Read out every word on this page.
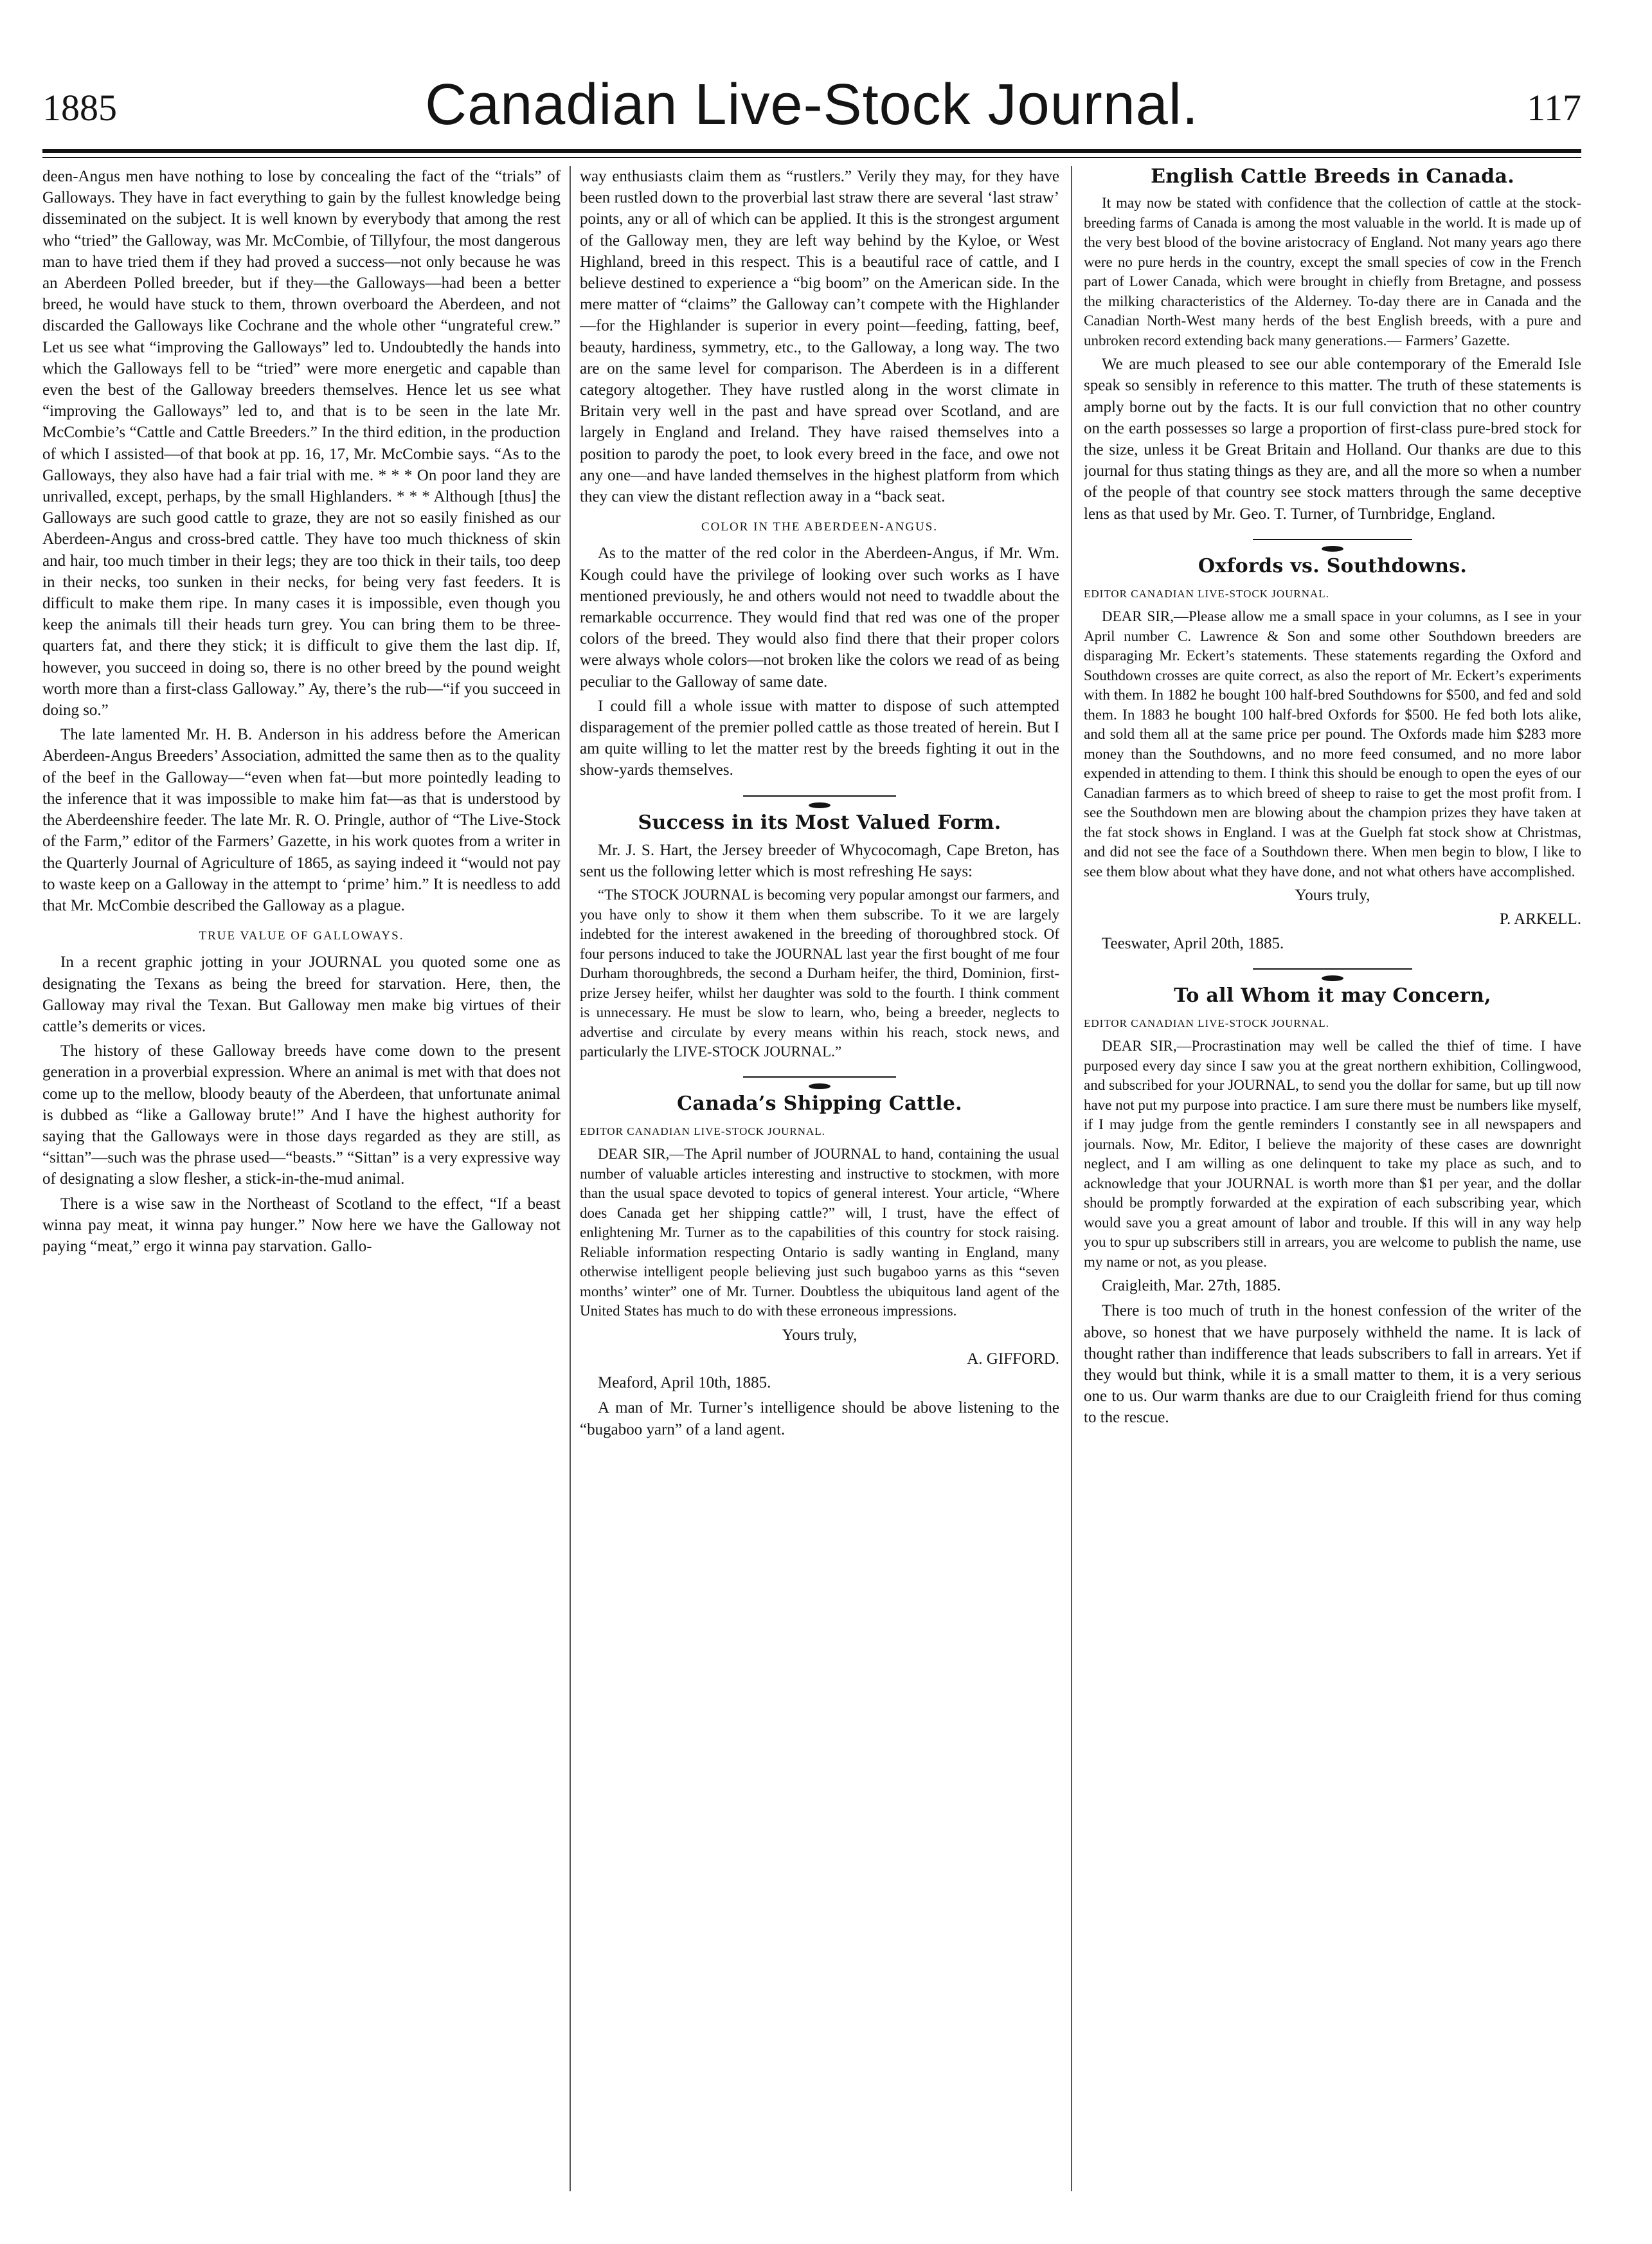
1885	Canadian Live-Stock Journal.	117

deen-Angus men have nothing to lose by concealing the fact of the “trials” of Galloways. They have in fact everything to gain by the fullest knowledge being disseminated on the subject. It is well known by everybody that among the rest who “tried” the Galloway, was Mr. McCombie, of Tillyfour, the most dangerous man to have tried them if they had proved a success—not only because he was an Aberdeen Polled breeder, but if they—the Galloways—had been a better breed, he would have stuck to them, thrown overboard the Aberdeen, and not discarded the Galloways like Cochrane and the whole other “ungrateful crew.” Let us see what “improving the Galloways” led to. Undoubtedly the hands into which the Galloways fell to be “tried” were more energetic and capable than even the best of the Galloway breeders themselves. Hence let us see what “improving the Galloways” led to, and that is to be seen in the late Mr. McCombie’s “Cattle and Cattle Breeders.” In the third edition, in the production of which I assisted—of that book at pp. 16, 17, Mr. McCombie says. “As to the Galloways, they also have had a fair trial with me. * * * On poor land they are unrivalled, except, perhaps, by the small Highlanders. * * * Although [thus] the Galloways are such good cattle to graze, they are not so easily finished as our Aberdeen-Angus and cross-bred cattle. They have too much thickness of skin and hair, too much timber in their legs; they are too thick in their tails, too deep in their necks, too sunken in their necks, for being very fast feeders. It is difficult to make them ripe. In many cases it is impossible, even though you keep the animals till their heads turn grey. You can bring them to be three-quarters fat, and there they stick; it is difficult to give them the last dip. If, however, you succeed in doing so, there is no other breed by the pound weight worth more than a first-class Galloway.” Ay, there’s the rub—“if you succeed in doing so.”

The late lamented Mr. H. B. Anderson in his address before the American Aberdeen-Angus Breeders’ Association, admitted the same then as to the quality of the beef in the Galloway—“even when fat—but more pointedly leading to the inference that it was impossible to make him fat—as that is understood by the Aberdeenshire feeder. The late Mr. R. O. Pringle, author of “The Live-Stock of the Farm,” editor of the Farmers’ Gazette, in his work quotes from a writer in the Quarterly Journal of Agriculture of 1865, as saying indeed it “would not pay to waste keep on a Galloway in the attempt to ‘prime’ him.” It is needless to add that Mr. McCombie described the Galloway as a plague.

TRUE VALUE OF GALLOWAYS.

In a recent graphic jotting in your JOURNAL you quoted some one as designating the Texans as being the breed for starvation. Here, then, the Galloway may rival the Texan. But Galloway men make big virtues of their cattle’s demerits or vices.

The history of these Galloway breeds have come down to the present generation in a proverbial expression. Where an animal is met with that does not come up to the mellow, bloody beauty of the Aberdeen, that unfortunate animal is dubbed as “like a Galloway brute!” And I have the highest authority for saying that the Galloways were in those days regarded as they are still, as “sittan”—such was the phrase used—“beasts.” “Sittan” is a very expressive way of designating a slow flesher, a stick-in-the-mud animal.

There is a wise saw in the Northeast of Scotland to the effect, “If a beast winna pay meat, it winna pay hunger.” Now here we have the Galloway not paying “meat,” ergo it winna pay starvation. Gallo-

way enthusiasts claim them as “rustlers.” Verily they may, for they have been rustled down to the proverbial last straw there are several ‘last straw’ points, any or all of which can be applied. It this is the strongest argument of the Galloway men, they are left way behind by the Kyloe, or West Highland, breed in this respect. This is a beautiful race of cattle, and I believe destined to experience a “big boom” on the American side. In the mere matter of “claims” the Galloway can’t compete with the Highlander—for the Highlander is superior in every point—feeding, fatting, beef, beauty, hardiness, symmetry, etc., to the Galloway, a long way. The two are on the same level for comparison. The Aberdeen is in a different category altogether. They have rustled along in the worst climate in Britain very well in the past and have spread over Scotland, and are largely in England and Ireland. They have raised themselves into a position to parody the poet, to look every breed in the face, and owe not any one—and have landed themselves in the highest platform from which they can view the distant reflection away in a “back seat.

COLOR IN THE ABERDEEN-ANGUS.

As to the matter of the red color in the Aberdeen-Angus, if Mr. Wm. Kough could have the privilege of looking over such works as I have mentioned previously, he and others would not need to twaddle about the remarkable occurrence. They would find that red was one of the proper colors of the breed. They would also find there that their proper colors were always whole colors—not broken like the colors we read of as being peculiar to the Galloway of same date.

I could fill a whole issue with matter to dispose of such attempted disparagement of the premier polled cattle as those treated of herein. But I am quite willing to let the matter rest by the breeds fighting it out in the show-yards themselves.

Success in its Most Valued Form.

Mr. J. S. Hart, the Jersey breeder of Whycocomagh, Cape Breton, has sent us the following letter which is most refreshing He says:

“The STOCK JOURNAL is becoming very popular amongst our farmers, and you have only to show it them when them subscribe. To it we are largely indebted for the interest awakened in the breeding of thoroughbred stock. Of four persons induced to take the JOURNAL last year the first bought of me four Durham thoroughbreds, the second a Durham heifer, the third, Dominion, first-prize Jersey heifer, whilst her daughter was sold to the fourth. I think comment is unnecessary. He must be slow to learn, who, being a breeder, neglects to advertise and circulate by every means within his reach, stock news, and particularly the LIVE-STOCK JOURNAL.”

Canada’s Shipping Cattle.
EDITOR CANADIAN LIVE-STOCK JOURNAL.

DEAR SIR,—The April number of JOURNAL to hand, containing the usual number of valuable articles interesting and instructive to stockmen, with more than the usual space devoted to topics of general interest. Your article, “Where does Canada get her shipping cattle?” will, I trust, have the effect of enlightening Mr. Turner as to the capabilities of this country for stock raising. Reliable information respecting Ontario is sadly wanting in England, many otherwise intelligent people believing just such bugaboo yarns as this “seven months’ winter” one of Mr. Turner. Doubtless the ubiquitous land agent of the United States has much to do with these erroneous impressions.

Yours truly,
A. GIFFORD.
Meaford, April 10th, 1885.

A man of Mr. Turner’s intelligence should be above listening to the “bugaboo yarn” of a land agent.

English Cattle Breeds in Canada.

It may now be stated with confidence that the collection of cattle at the stock-breeding farms of Canada is among the most valuable in the world. It is made up of the very best blood of the bovine aristocracy of England. Not many years ago there were no pure herds in the country, except the small species of cow in the French part of Lower Canada, which were brought in chiefly from Bretagne, and possess the milking characteristics of the Alderney. To-day there are in Canada and the Canadian North-West many herds of the best English breeds, with a pure and unbroken record extending back many generations.— Farmers’ Gazette.

We are much pleased to see our able contemporary of the Emerald Isle speak so sensibly in reference to this matter. The truth of these statements is amply borne out by the facts. It is our full conviction that no other country on the earth possesses so large a proportion of first-class pure-bred stock for the size, unless it be Great Britain and Holland. Our thanks are due to this journal for thus stating things as they are, and all the more so when a number of the people of that country see stock matters through the same deceptive lens as that used by Mr. Geo. T. Turner, of Turnbridge, England.

Oxfords vs. Southdowns.
EDITOR CANADIAN LIVE-STOCK JOURNAL.

DEAR SIR,—Please allow me a small space in your columns, as I see in your April number C. Lawrence & Son and some other Southdown breeders are disparaging Mr. Eckert’s statements. These statements regarding the Oxford and Southdown crosses are quite correct, as also the report of Mr. Eckert’s experiments with them. In 1882 he bought 100 half-bred Southdowns for $500, and fed and sold them. In 1883 he bought 100 half-bred Oxfords for $500. He fed both lots alike, and sold them all at the same price per pound. The Oxfords made him $283 more money than the Southdowns, and no more feed consumed, and no more labor expended in attending to them. I think this should be enough to open the eyes of our Canadian farmers as to which breed of sheep to raise to get the most profit from. I see the Southdown men are blowing about the champion prizes they have taken at the fat stock shows in England. I was at the Guelph fat stock show at Christmas, and did not see the face of a Southdown there. When men begin to blow, I like to see them blow about what they have done, and not what others have accomplished.

Yours truly,
P. ARKELL.
Teeswater, April 20th, 1885.
To all Whom it may Concern,
EDITOR CANADIAN LIVE-STOCK JOURNAL.

DEAR SIR,—Procrastination may well be called the thief of time. I have purposed every day since I saw you at the great northern exhibition, Collingwood, and subscribed for your JOURNAL, to send you the dollar for same, but up till now have not put my purpose into practice. I am sure there must be numbers like myself, if I may judge from the gentle reminders I constantly see in all newspapers and journals. Now, Mr. Editor, I believe the majority of these cases are downright neglect, and I am willing as one delinquent to take my place as such, and to acknowledge that your JOURNAL is worth more than $1 per year, and the dollar should be promptly forwarded at the expiration of each subscribing year, which would save you a great amount of labor and trouble. If this will in any way help you to spur up subscribers still in arrears, you are welcome to publish the name, use my name or not, as you please.

Craigleith, Mar. 27th, 1885.

There is too much of truth in the honest confession of the writer of the above, so honest that we have purposely withheld the name. It is lack of thought rather than indifference that leads subscribers to fall in arrears. Yet if they would but think, while it is a small matter to them, it is a very serious one to us. Our warm thanks are due to our Craigleith friend for thus coming to the rescue.
